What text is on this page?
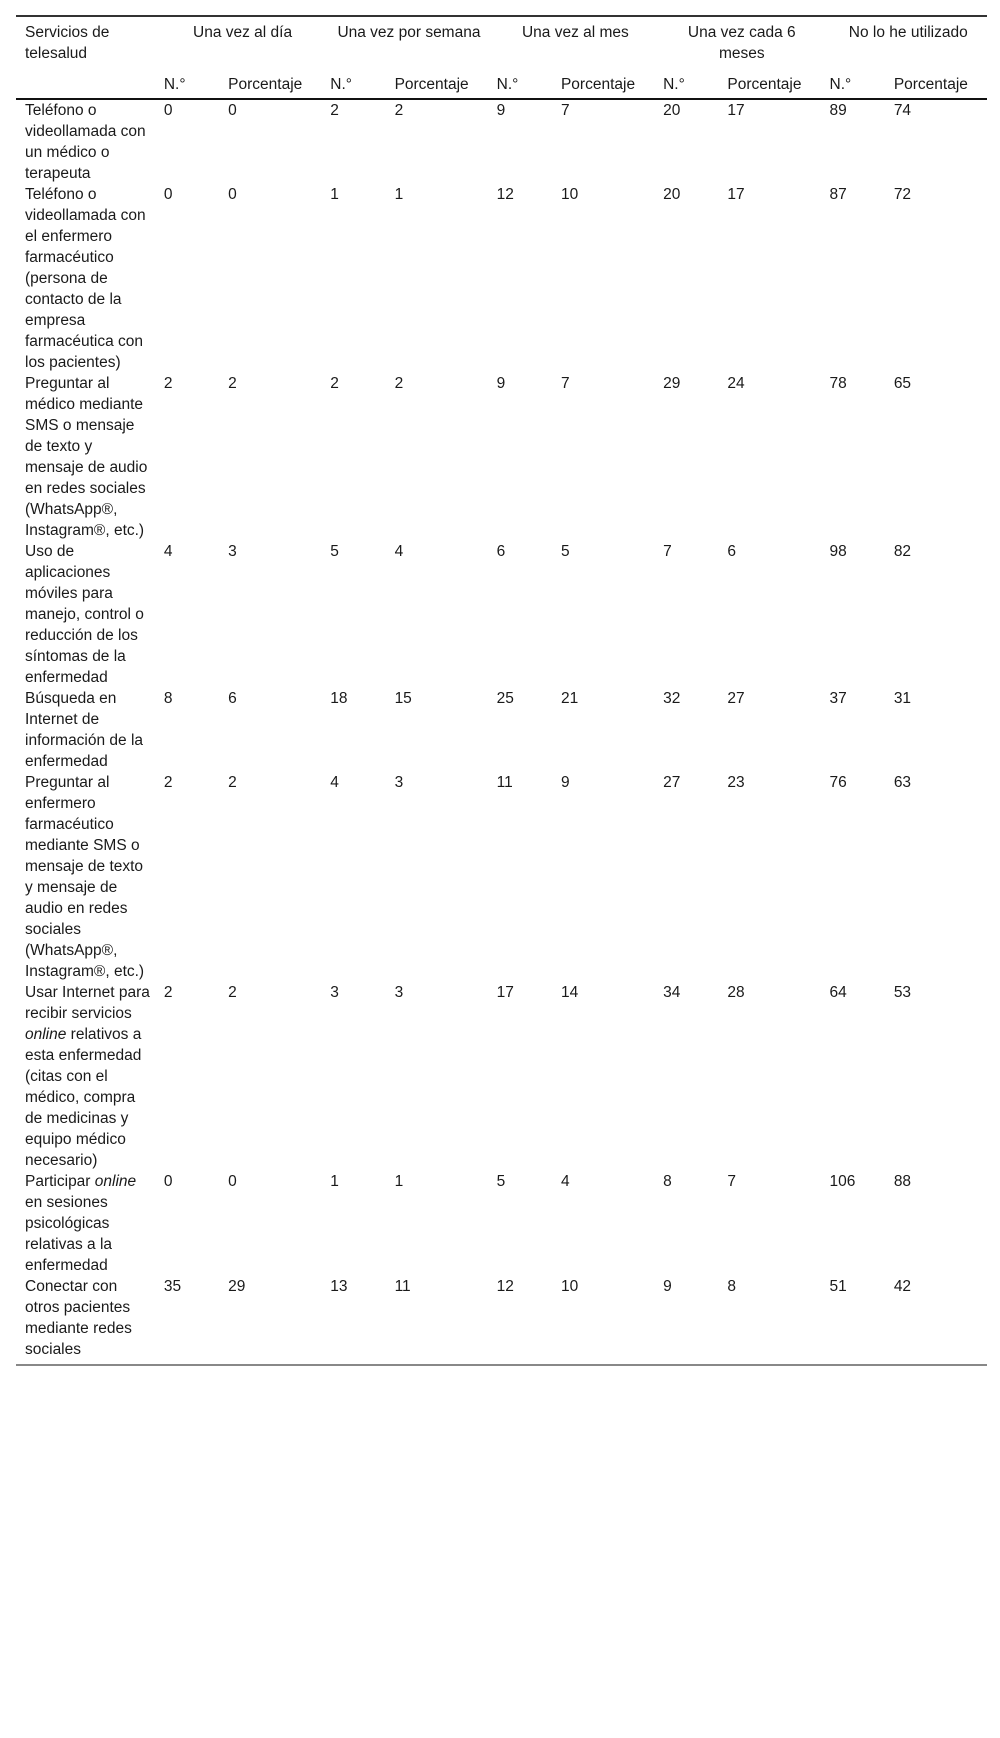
Servicios de telesalud	Una vez al día		Una vez por semana		Una vez al mes		Una vez cada 6 meses		No lo he utilizado	
	N.°	Porcentaje	N.°	Porcentaje	N.°	Porcentaje	N.°	Porcentaje	N.°	Porcentaje
Teléfono o videollamada con un médico o terapeuta	0	0	2	2	9	7	20	17	89	74
Teléfono o videollamada con el enfermero farmacéutico (persona de contacto de la empresa farmacéutica con los pacientes)	0	0	1	1	12	10	20	17	87	72
Preguntar al médico mediante SMS o mensaje de texto y mensaje de audio en redes sociales (WhatsApp®, Instagram®, etc.)	2	2	2	2	9	7	29	24	78	65
Uso de aplicaciones móviles para manejo, control o reducción de los síntomas de la enfermedad	4	3	5	4	6	5	7	6	98	82
Búsqueda en Internet de información de la enfermedad	8	6	18	15	25	21	32	27	37	31
Preguntar al enfermero farmacéutico mediante SMS o mensaje de texto y mensaje de audio en redes sociales (WhatsApp®, Instagram®, etc.)	2	2	4	3	11	9	27	23	76	63
Usar Internet para recibir servicios online relativos a esta enfermedad (citas con el médico, compra de medicinas y equipo médico necesario)	2	2	3	3	17	14	34	28	64	53
Participar online en sesiones psicológicas relativas a la enfermedad	0	0	1	1	5	4	8	7	106	88
Conectar con otros pacientes mediante redes sociales	35	29	13	11	12	10	9	8	51	42
